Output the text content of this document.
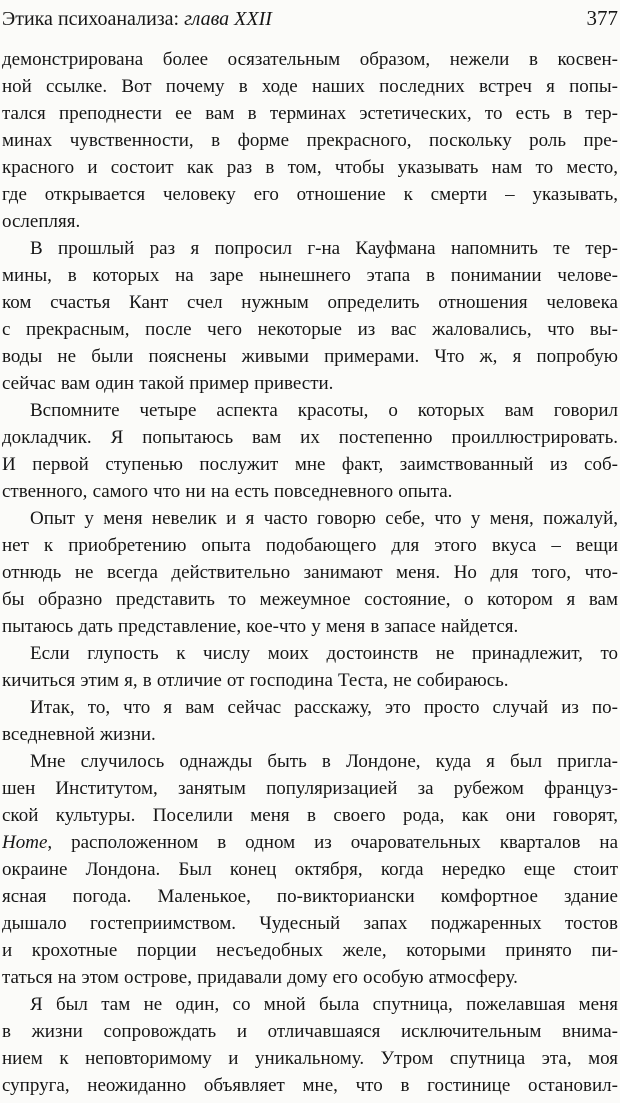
Этика психоанализа: глава XXII	377
демонстрирована более осязательным образом, нежели в косвен-
ной ссылке. Вот почему в ходе наших последних встреч я попы-
тался преподнести ее вам в терминах эстетических, то есть в тер-
минах чувственности, в форме прекрасного, поскольку роль пре-
красного и состоит как раз в том, чтобы указывать нам то место,
где открывается человеку его отношение к смерти – указывать,
ослепляя.
В прошлый раз я попросил г-на Кауфмана напомнить те тер-
мины, в которых на заре нынешнего этапа в понимании челове-
ком счастья Кант счел нужным определить отношения человека
с прекрасным, после чего некоторые из вас жаловались, что вы-
воды не были пояснены живыми примерами. Что ж, я попробую
сейчас вам один такой пример привести.
Вспомните четыре аспекта красоты, о которых вам говорил
докладчик. Я попытаюсь вам их постепенно проиллюстрировать.
И первой ступенью послужит мне факт, заимствованный из соб-
ственного, самого что ни на есть повседневного опыта.
Опыт у меня невелик и я часто говорю себе, что у меня, пожалуй,
нет к приобретению опыта подобающего для этого вкуса – вещи
отнюдь не всегда действительно занимают меня. Но для того, что-
бы образно представить то межеумное состояние, о котором я вам
пытаюсь дать представление, кое-что у меня в запасе найдется.
Если глупость к числу моих достоинств не принадлежит, то
кичиться этим я, в отличие от господина Теста, не собираюсь.
Итак, то, что я вам сейчас расскажу, это просто случай из по-
вседневной жизни.
Мне случилось однажды быть в Лондоне, куда я был пригла-
шен Институтом, занятым популяризацией за рубежом француз-
ской культуры. Поселили меня в своего рода, как они говорят,
Home, расположенном в одном из очаровательных кварталов на
окраине Лондона. Был конец октября, когда нередко еще стоит
ясная погода. Маленькое, по-викториански комфортное здание
дышало гостеприимством. Чудесный запах поджаренных тостов
и крохотные порции несъедобных желе, которыми принято пи-
таться на этом острове, придавали дому его особую атмосферу.
Я был там не один, со мной была спутница, пожелавшая меня
в жизни сопровождать и отличавшаяся исключительным внима-
нием к неповторимому и уникальному. Утром спутница эта, моя
супруга, неожиданно объявляет мне, что в гостинице остановил-
